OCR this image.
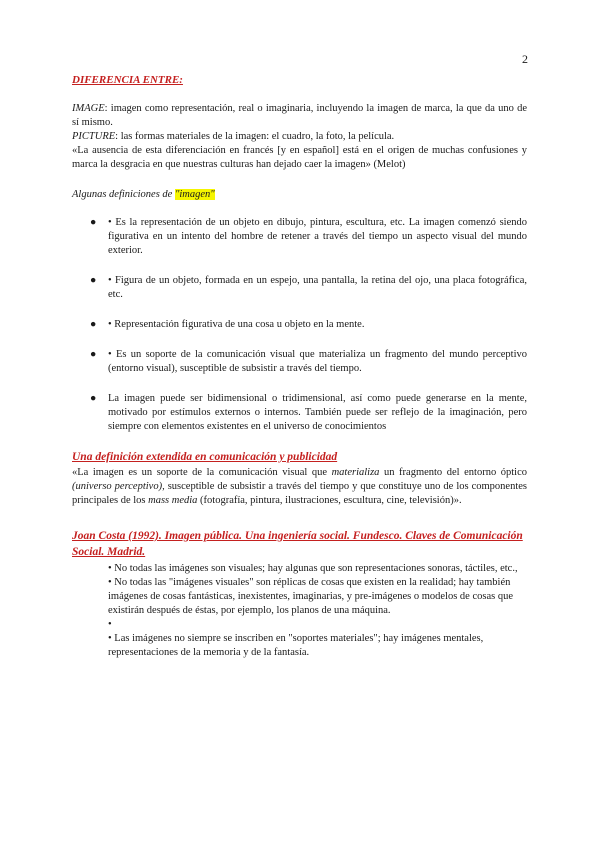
2

DIFERENCIA ENTRE:

IMAGE: imagen como representación, real o imaginaria, incluyendo la imagen de marca, la que da uno de sí mismo.

PICTURE: las formas materiales de la imagen: el cuadro, la foto, la película.

«La ausencia de esta diferenciación en francés [y en español] está en el origen de muchas confusiones y marca la desgracia en que nuestras culturas han dejado caer la imagen» (Melot)

Algunas definiciones de "imagen"

● • Es la representación de un objeto en dibujo, pintura, escultura, etc. La imagen comenzó siendo figurativa en un intento del hombre de retener a través del tiempo un aspecto visual del mundo exterior.
● • Figura de un objeto, formada en un espejo, una pantalla, la retina del ojo, una placa fotográfica, etc.
● • Representación figurativa de una cosa u objeto en la mente.
● • Es un soporte de la comunicación visual que materializa un fragmento del mundo perceptivo (entorno visual), susceptible de subsistir a través del tiempo.
● La imagen puede ser bidimensional o tridimensional, así como puede generarse en la mente, motivado por estímulos externos o internos. También puede ser reflejo de la imaginación, pero siempre con elementos existentes en el universo de conocimientos

Una definición extendida en comunicación y publicidad

«La imagen es un soporte de la comunicación visual que materializa un fragmento del entorno óptico (universo perceptivo), susceptible de subsistir a través del tiempo y que constituye uno de los componentes principales de los mass media (fotografía, pintura, ilustraciones, escultura, cine, televisión)».

Joan Costa (1992). Imagen pública. Una ingeniería social. Fundesco. Claves de Comunicación Social. Madrid.

• No todas las imágenes son visuales; hay algunas que son representaciones sonoras, táctiles, etc.,

• No todas las "imágenes visuales" son réplicas de cosas que existen en la realidad; hay también imágenes de cosas fantásticas, inexistentes, imaginarias, y pre-imágenes o modelos de cosas que existirán después de éstas, por ejemplo, los planos de una máquina.

•

• Las imágenes no siempre se inscriben en "soportes materiales"; hay imágenes mentales, representaciones de la memoria y de la fantasía.
